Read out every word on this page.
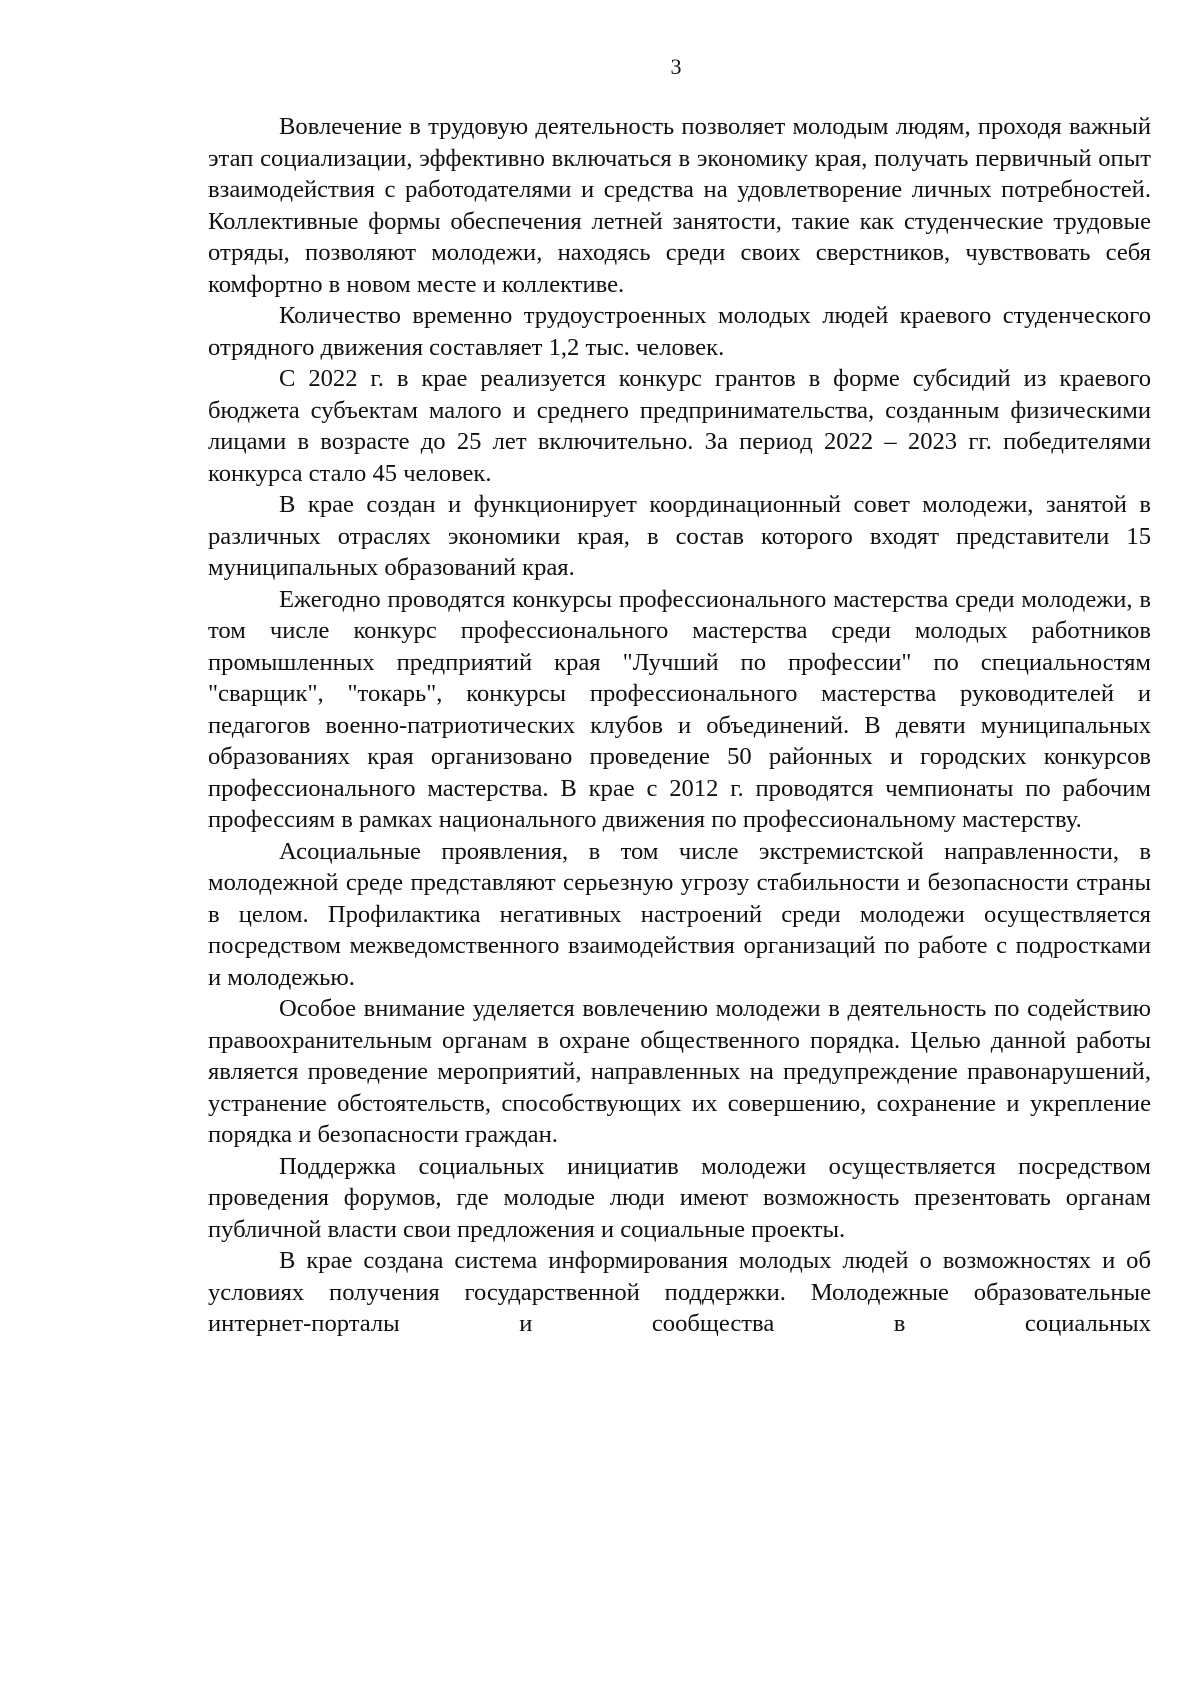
3

Вовлечение в трудовую деятельность позволяет молодым людям, проходя важный этап социализации, эффективно включаться в экономику края, получать первичный опыт взаимодействия с работодателями и средства на удовлетворение личных потребностей. Коллективные формы обеспечения летней занятости, такие как студенческие трудовые отряды, позволяют молодежи, находясь среди своих сверстников, чувствовать себя комфортно в новом месте и коллективе.

Количество временно трудоустроенных молодых людей краевого студенческого отрядного движения составляет 1,2 тыс. человек.

С 2022 г. в крае реализуется конкурс грантов в форме субсидий из краевого бюджета субъектам малого и среднего предпринимательства, созданным физическими лицами в возрасте до 25 лет включительно. За период 2022 – 2023 гг. победителями конкурса стало 45 человек.

В крае создан и функционирует координационный совет молодежи, занятой в различных отраслях экономики края, в состав которого входят представители 15 муниципальных образований края.

Ежегодно проводятся конкурсы профессионального мастерства среди молодежи, в том числе конкурс профессионального мастерства среди молодых работников промышленных предприятий края "Лучший по профессии" по специальностям "сварщик", "токарь", конкурсы профессионального мастерства руководителей и педагогов военно-патриотических клубов и объединений. В девяти муниципальных образованиях края организовано проведение 50 районных и городских конкурсов профессионального мастерства. В крае с 2012 г. проводятся чемпионаты по рабочим профессиям в рамках национального движения по профессиональному мастерству.

Асоциальные проявления, в том числе экстремистской направленности, в молодежной среде представляют серьезную угрозу стабильности и безопасности страны в целом. Профилактика негативных настроений среди молодежи осуществляется посредством межведомственного взаимодействия организаций по работе с подростками и молодежью.

Особое внимание уделяется вовлечению молодежи в деятельность по содействию правоохранительным органам в охране общественного порядка. Целью данной работы является проведение мероприятий, направленных на предупреждение правонарушений, устранение обстоятельств, способствующих их совершению, сохранение и укрепление порядка и безопасности граждан.

Поддержка социальных инициатив молодежи осуществляется посредством проведения форумов, где молодые люди имеют возможность презентовать органам публичной власти свои предложения и социальные проекты.

В крае создана система информирования молодых людей о возможностях и об условиях получения государственной поддержки. Молодежные образовательные интернет-порталы и сообщества в социальных
